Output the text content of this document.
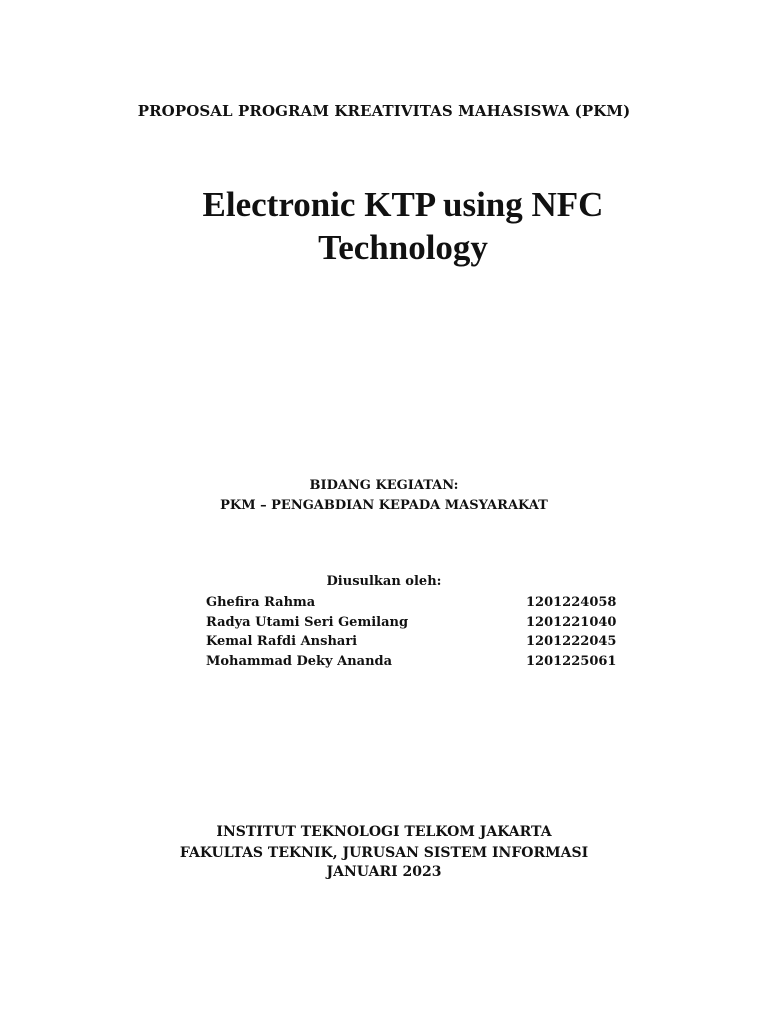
PROPOSAL PROGRAM KREATIVITAS MAHASISWA (PKM)
Electronic KTP using NFC
Technology
BIDANG KEGIATAN:
PKM – PENGABDIAN KEPADA MASYARAKAT
Diusulkan oleh:
Ghefira Rahma	1201224058
Radya Utami Seri Gemilang	1201221040
Kemal Rafdi Anshari	1201222045
Mohammad Deky Ananda	1201225061
INSTITUT TEKNOLOGI TELKOM JAKARTA
FAKULTAS TEKNIK, JURUSAN SISTEM INFORMASI
JANUARI 2023
